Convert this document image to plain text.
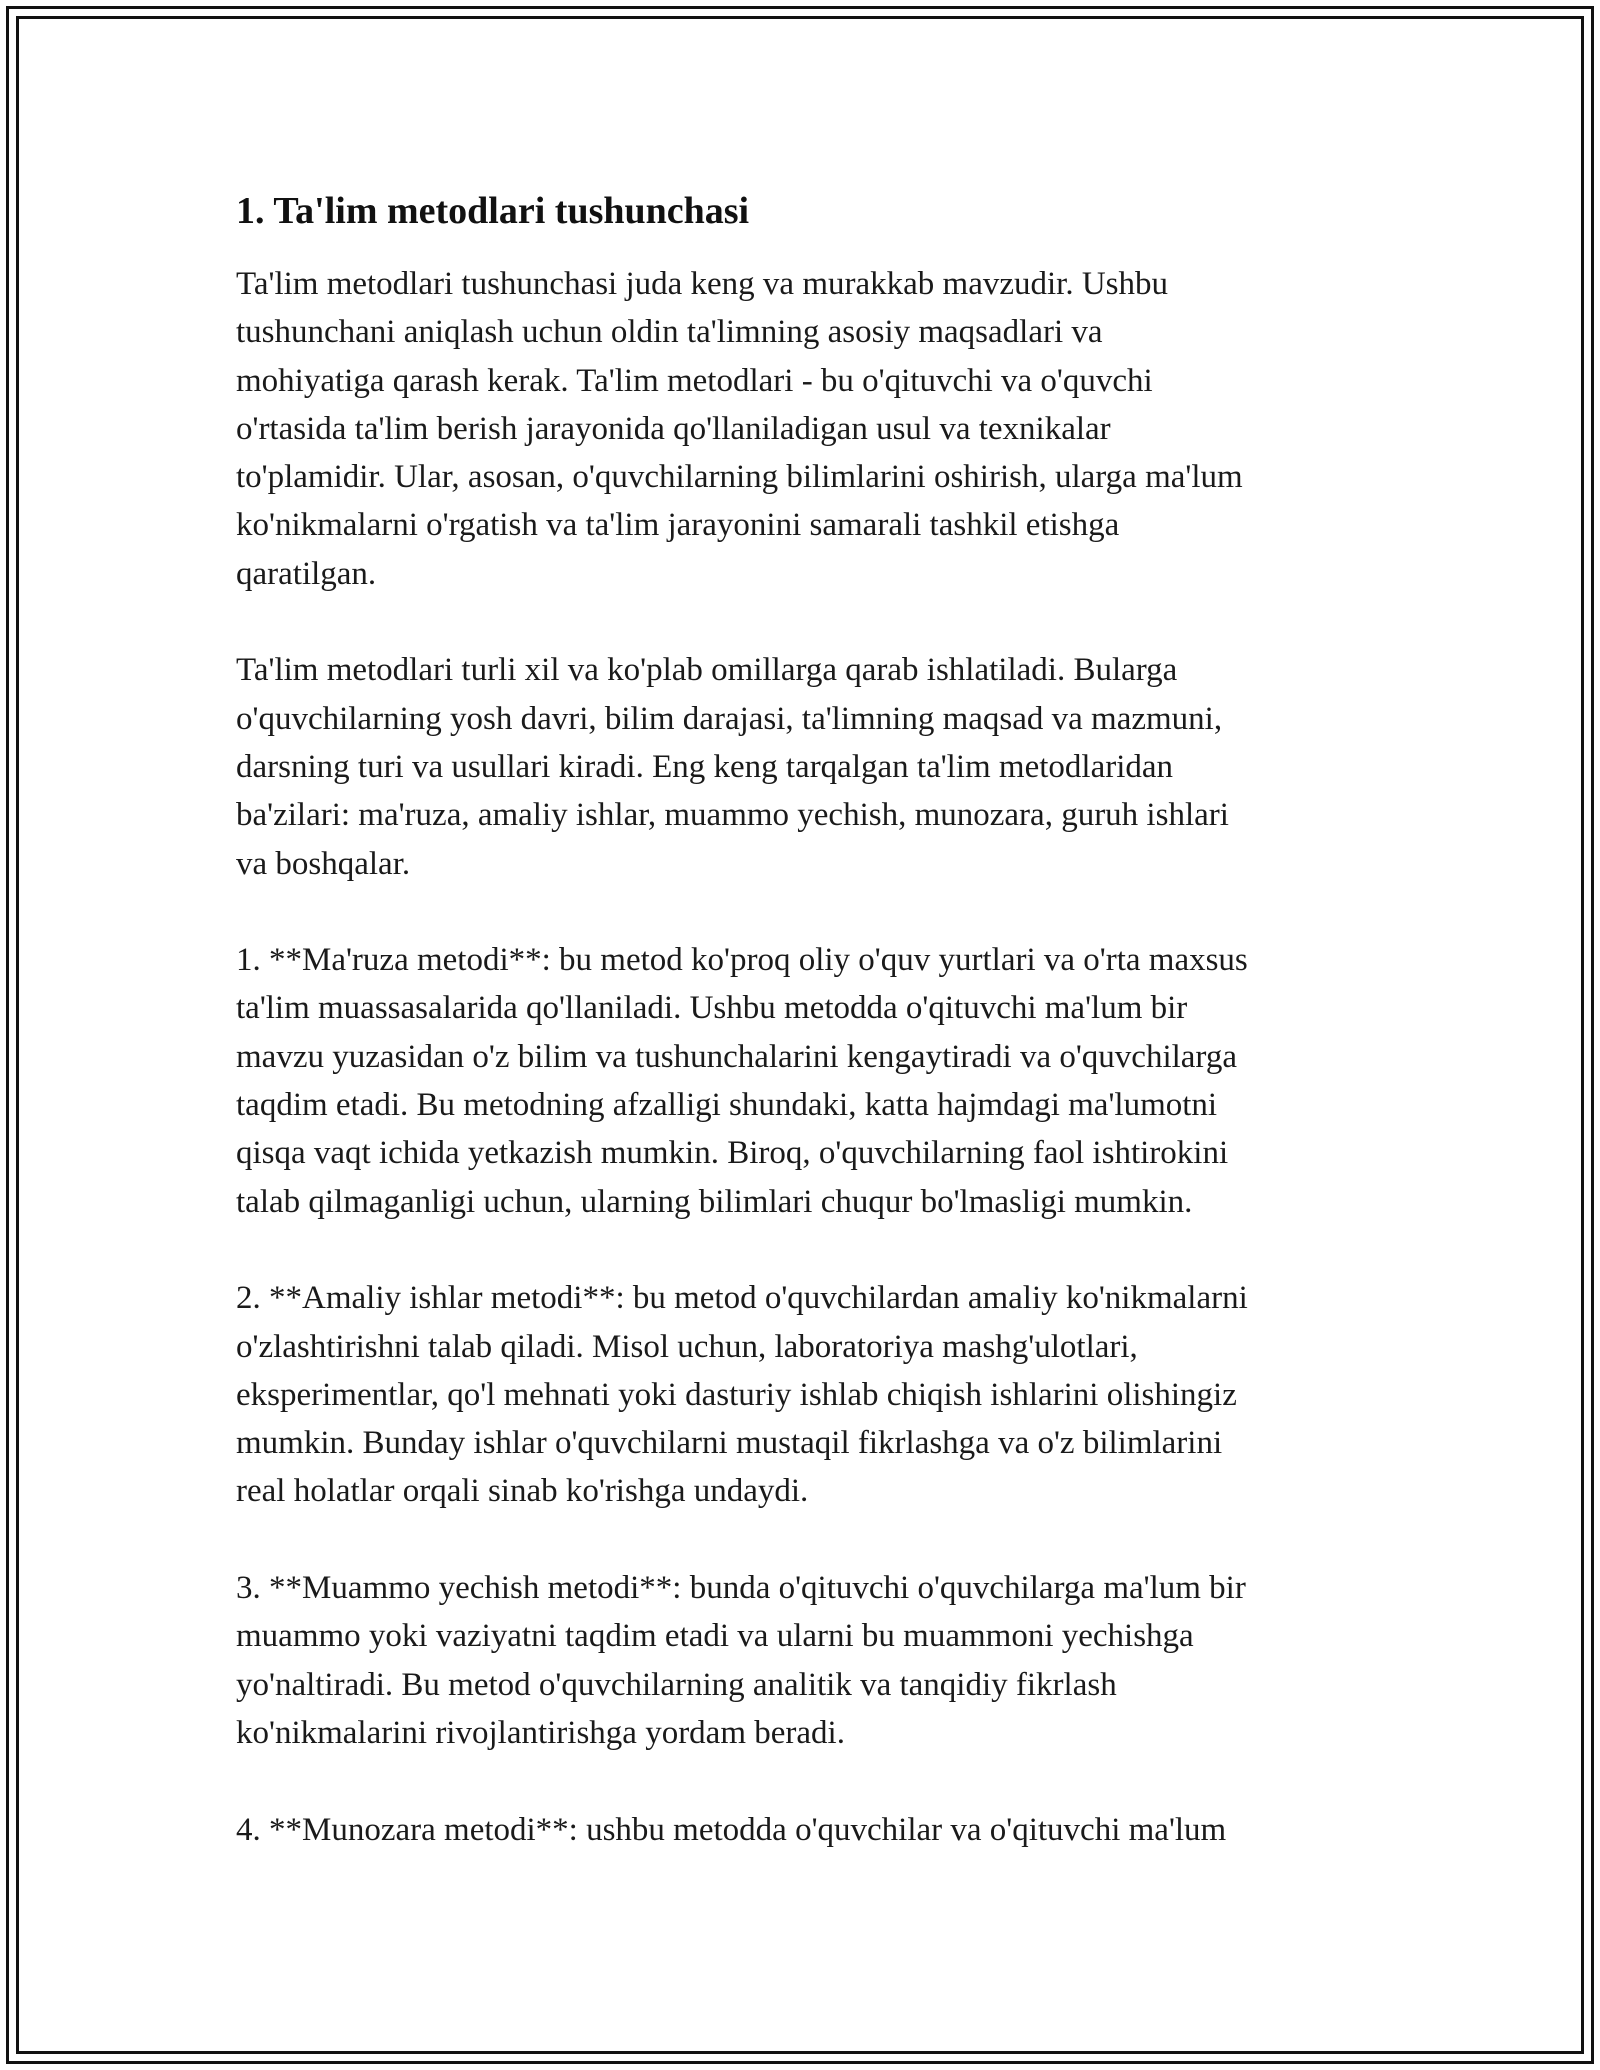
1. Ta'lim metodlari tushunchasi
Ta'lim metodlari tushunchasi juda keng va murakkab mavzudir. Ushbu
tushunchani aniqlash uchun oldin ta'limning asosiy maqsadlari va
mohiyatiga qarash kerak. Ta'lim metodlari - bu o'qituvchi va o'quvchi
o'rtasida ta'lim berish jarayonida qo'llaniladigan usul va texnikalar
to'plamidir. Ular, asosan, o'quvchilarning bilimlarini oshirish, ularga ma'lum
ko'nikmalarni o'rgatish va ta'lim jarayonini samarali tashkil etishga
qaratilgan.
Ta'lim metodlari turli xil va ko'plab omillarga qarab ishlatiladi. Bularga
o'quvchilarning yosh davri, bilim darajasi, ta'limning maqsad va mazmuni,
darsning turi va usullari kiradi. Eng keng tarqalgan ta'lim metodlaridan
ba'zilari: ma'ruza, amaliy ishlar, muammo yechish, munozara, guruh ishlari
va boshqalar.
1. **Ma'ruza metodi**: bu metod ko'proq oliy o'quv yurtlari va o'rta maxsus
ta'lim muassasalarida qo'llaniladi. Ushbu metodda o'qituvchi ma'lum bir
mavzu yuzasidan o'z bilim va tushunchalarini kengaytiradi va o'quvchilarga
taqdim etadi. Bu metodning afzalligi shundaki, katta hajmdagi ma'lumotni
qisqa vaqt ichida yetkazish mumkin. Biroq, o'quvchilarning faol ishtirokini
talab qilmaganligi uchun, ularning bilimlari chuqur bo'lmasligi mumkin.
2. **Amaliy ishlar metodi**: bu metod o'quvchilardan amaliy ko'nikmalarni
o'zlashtirishni talab qiladi. Misol uchun, laboratoriya mashg'ulotlari,
eksperimentlar, qo'l mehnati yoki dasturiy ishlab chiqish ishlarini olishingiz
mumkin. Bunday ishlar o'quvchilarni mustaqil fikrlashga va o'z bilimlarini
real holatlar orqali sinab ko'rishga undaydi.
3. **Muammo yechish metodi**: bunda o'qituvchi o'quvchilarga ma'lum bir
muammo yoki vaziyatni taqdim etadi va ularni bu muammoni yechishga
yo'naltiradi. Bu metod o'quvchilarning analitik va tanqidiy fikrlash
ko'nikmalarini rivojlantirishga yordam beradi.
4. **Munozara metodi**: ushbu metodda o'quvchilar va o'qituvchi ma'lum
